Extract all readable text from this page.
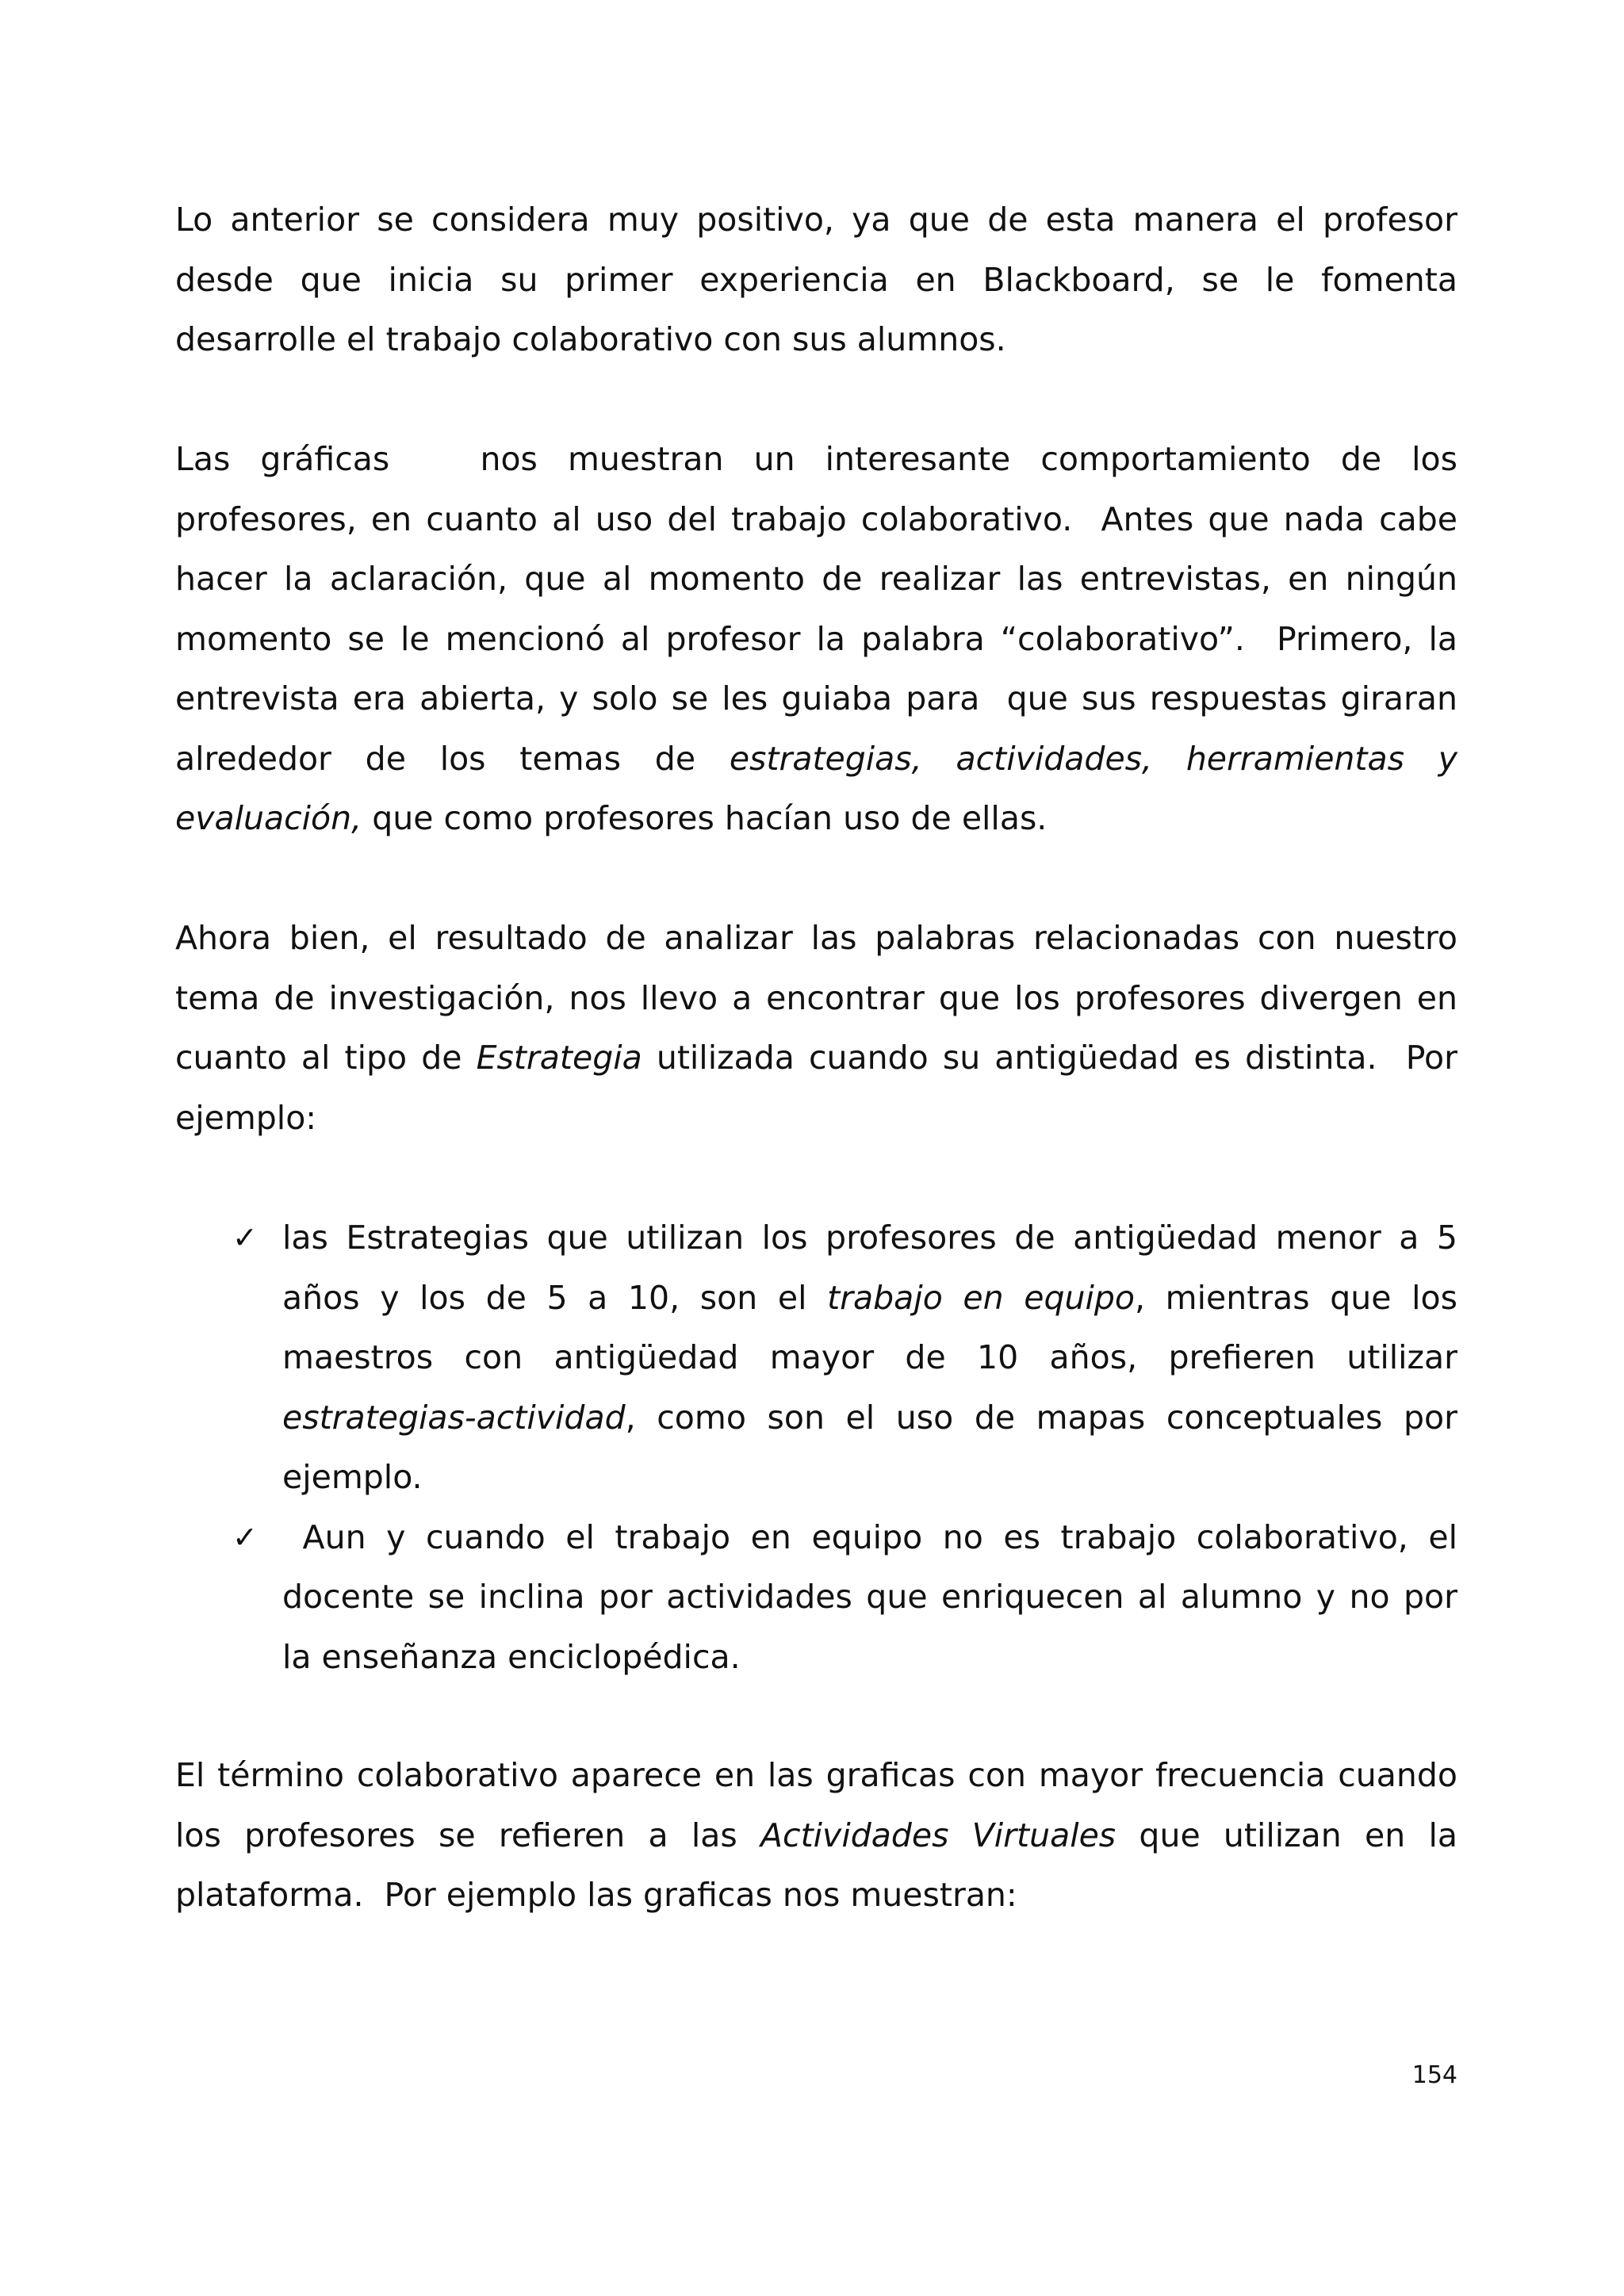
Lo anterior se considera muy positivo, ya que de esta manera el profesor
desde que inicia su primer experiencia en Blackboard, se le fomenta
desarrolle el trabajo colaborativo con sus alumnos.
Las gráficas   nos muestran un interesante comportamiento de los
profesores, en cuanto al uso del trabajo colaborativo.  Antes que nada cabe
hacer la aclaración, que al momento de realizar las entrevistas, en ningún
momento se le mencionó al profesor la palabra “colaborativo”.  Primero, la
entrevista era abierta, y solo se les guiaba para  que sus respuestas giraran
alrededor de los temas de estrategias, actividades, herramientas y
evaluación, que como profesores hacían uso de ellas.
Ahora bien, el resultado de analizar las palabras relacionadas con nuestro
tema de investigación, nos llevo a encontrar que los profesores divergen en
cuanto al tipo de Estrategia utilizada cuando su antigüedad es distinta.  Por
ejemplo:
✓ las Estrategias que utilizan los profesores de antigüedad menor a 5
años y los de 5 a 10, son el trabajo en equipo, mientras que los
maestros con antigüedad mayor de 10 años, prefieren utilizar
estrategias-actividad, como son el uso de mapas conceptuales por
ejemplo.
✓ Aun y cuando el trabajo en equipo no es trabajo colaborativo, el
docente se inclina por actividades que enriquecen al alumno y no por
la enseñanza enciclopédica.
El término colaborativo aparece en las graficas con mayor frecuencia cuando
los profesores se refieren a las Actividades Virtuales que utilizan en la
plataforma.  Por ejemplo las graficas nos muestran:
154
